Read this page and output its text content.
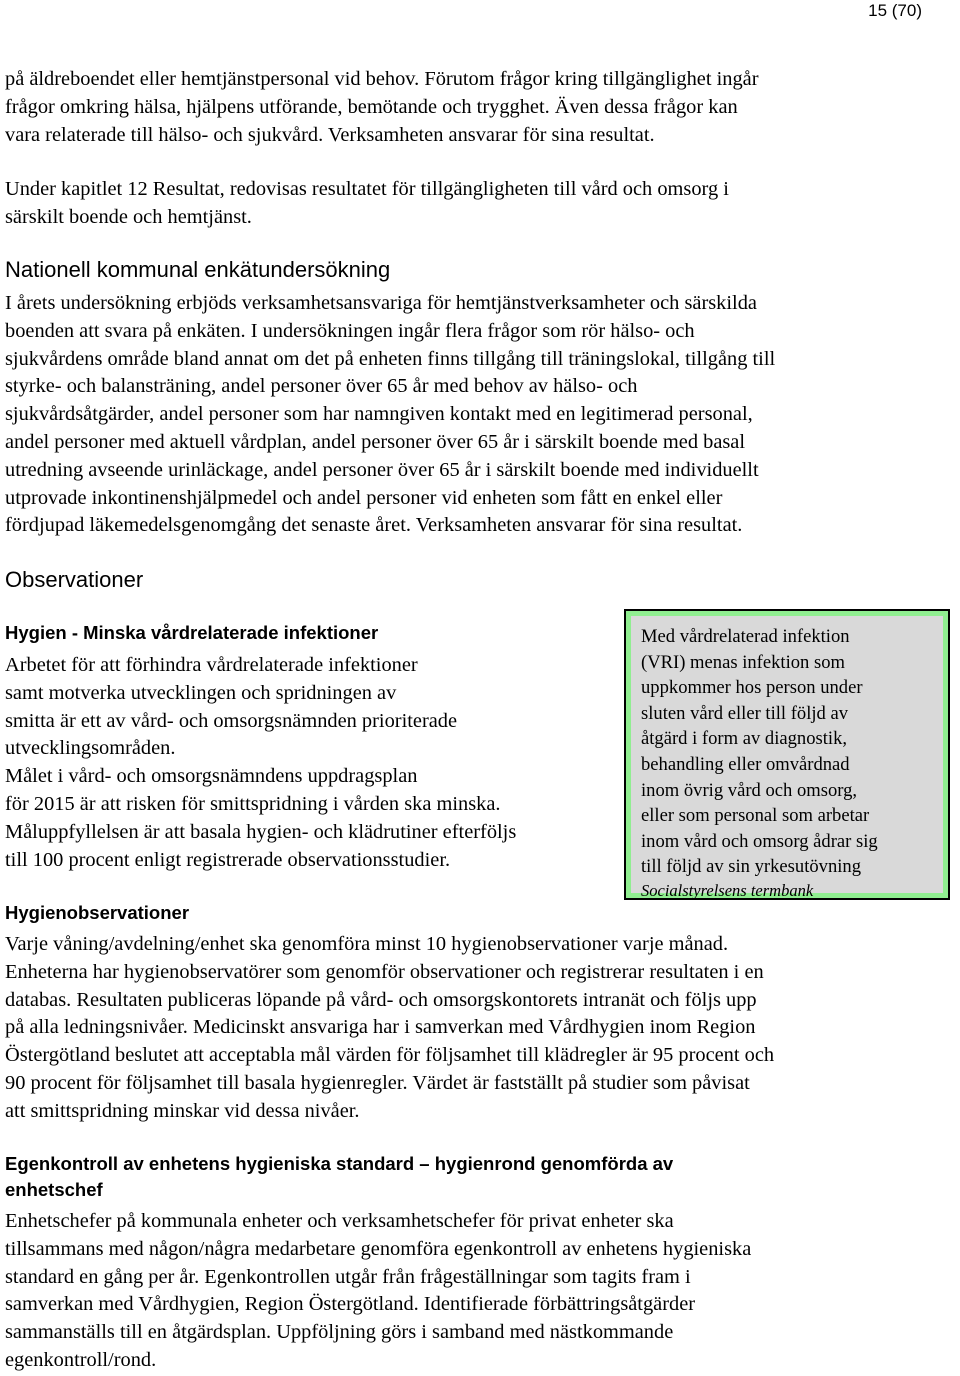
15 (70)

på äldreboendet eller hemtjänstpersonal vid behov. Förutom frågor kring tillgänglighet ingår
frågor omkring hälsa, hjälpens utförande, bemötande och trygghet. Även dessa frågor kan
vara relaterade till hälso- och sjukvård. Verksamheten ansvarar för sina resultat.

Under kapitlet 12 Resultat, redovisas resultatet för tillgängligheten till vård och omsorg i
särskilt boende och hemtjänst.

Nationell kommunal enkätundersökning

I årets undersökning erbjöds verksamhetsansvariga för hemtjänstverksamheter och särskilda
boenden att svara på enkäten. I undersökningen ingår flera frågor som rör hälso- och
sjukvårdens område bland annat om det på enheten finns tillgång till träningslokal, tillgång till
styrke- och balansträning, andel personer över 65 år med behov av hälso- och
sjukvårdsåtgärder, andel personer som har namngiven kontakt med en legitimerad personal,
andel personer med aktuell vårdplan, andel personer över 65 år i särskilt boende med basal
utredning avseende urinläckage, andel personer över 65 år i särskilt boende med individuellt
utprovade inkontinenshjälpmedel och andel personer vid enheten som fått en enkel eller
fördjupad läkemedelsgenomgång det senaste året. Verksamheten ansvarar för sina resultat.

Observationer
Hygien - Minska vårdrelaterade infektioner

Arbetet för att förhindra vårdrelaterade infektioner
samt motverka utvecklingen och spridningen av
smitta är ett av vård- och omsorgsnämnden prioriterade
utvecklingsområden.
Målet i vård- och omsorgsnämndens uppdragsplan
för 2015 är att risken för smittspridning i vården ska minska.
Måluppfyllelsen är att basala hygien- och klädrutiner efterföljs
till 100 procent enligt registrerade observationsstudier.

Hygienobservationer

Varje våning/avdelning/enhet ska genomföra minst 10 hygienobservationer varje månad.
Enheterna har hygienobservatörer som genomför observationer och registrerar resultaten i en
databas. Resultaten publiceras löpande på vård- och omsorgskontorets intranät och följs upp
på alla ledningsnivåer. Medicinskt ansvariga har i samverkan med Vårdhygien inom Region
Östergötland beslutet att acceptabla mål värden för följsamhet till klädregler är 95 procent och
90 procent för följsamhet till basala hygienregler. Värdet är fastställt på studier som påvisat
att smittspridning minskar vid dessa nivåer.

Egenkontroll av enhetens hygieniska standard – hygienrond genomförda av
enhetschef

Enhetschefer på kommunala enheter och verksamhetschefer för privat enheter ska
tillsammans med någon/några medarbetare genomföra egenkontroll av enhetens hygieniska
standard en gång per år. Egenkontrollen utgår från frågeställningar som tagits fram i
samverkan med Vårdhygien, Region Östergötland. Identifierade förbättringsåtgärder
sammanställs till en åtgärdsplan. Uppföljning görs i samband med nästkommande
egenkontroll/rond.

Med vårdrelaterad infektion
(VRI) menas infektion som
uppkommer hos person under
sluten vård eller till följd av
åtgärd i form av diagnostik,
behandling eller omvårdnad
inom övrig vård och omsorg,
eller som personal som arbetar
inom vård och omsorg ådrar sig
till följd av sin yrkesutövning
Socialstyrelsens termbank
